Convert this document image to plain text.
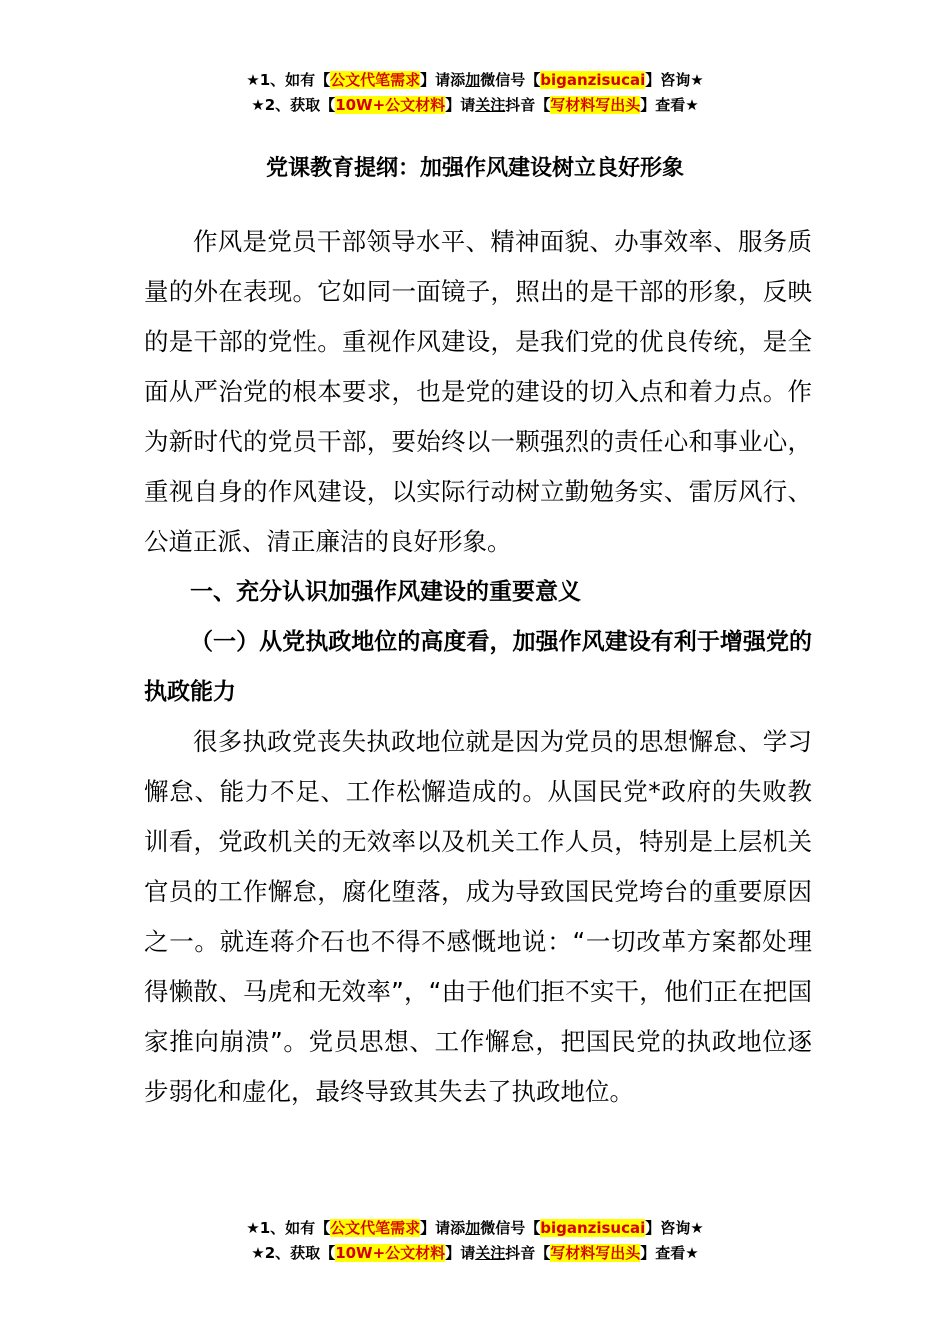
★1、如有【公文代笔需求】请添加微信号【biganzisucai】咨询★
★2、获取【10W+公文材料】请关注抖音【写材料写出头】查看★
党课教育提纲：加强作风建设树立良好形象

作风是党员干部领导水平、精神面貌、办事效率、服务质量的外在表现。它如同一面镜子，照出的是干部的形象，反映的是干部的党性。重视作风建设，是我们党的优良传统，是全面从严治党的根本要求，也是党的建设的切入点和着力点。作为新时代的党员干部，要始终以一颗强烈的责任心和事业心，重视自身的作风建设，以实际行动树立勤勉务实、雷厉风行、公道正派、清正廉洁的良好形象。

一、充分认识加强作风建设的重要意义

（一）从党执政地位的高度看，加强作风建设有利于增强党的执政能力

很多执政党丧失执政地位就是因为党员的思想懈怠、学习懈怠、能力不足、工作松懈造成的。从国民党*政府的失败教训看，党政机关的无效率以及机关工作人员，特别是上层机关官员的工作懈怠，腐化堕落，成为导致国民党垮台的重要原因之一。就连蒋介石也不得不感慨地说：“一切改革方案都处理得懒散、马虎和无效率”，“由于他们拒不实干，他们正在把国家推向崩溃”。党员思想、工作懈怠，把国民党的执政地位逐步弱化和虚化，最终导致其失去了执政地位。

★1、如有【公文代笔需求】请添加微信号【biganzisucai】咨询★
★2、获取【10W+公文材料】请关注抖音【写材料写出头】查看★
